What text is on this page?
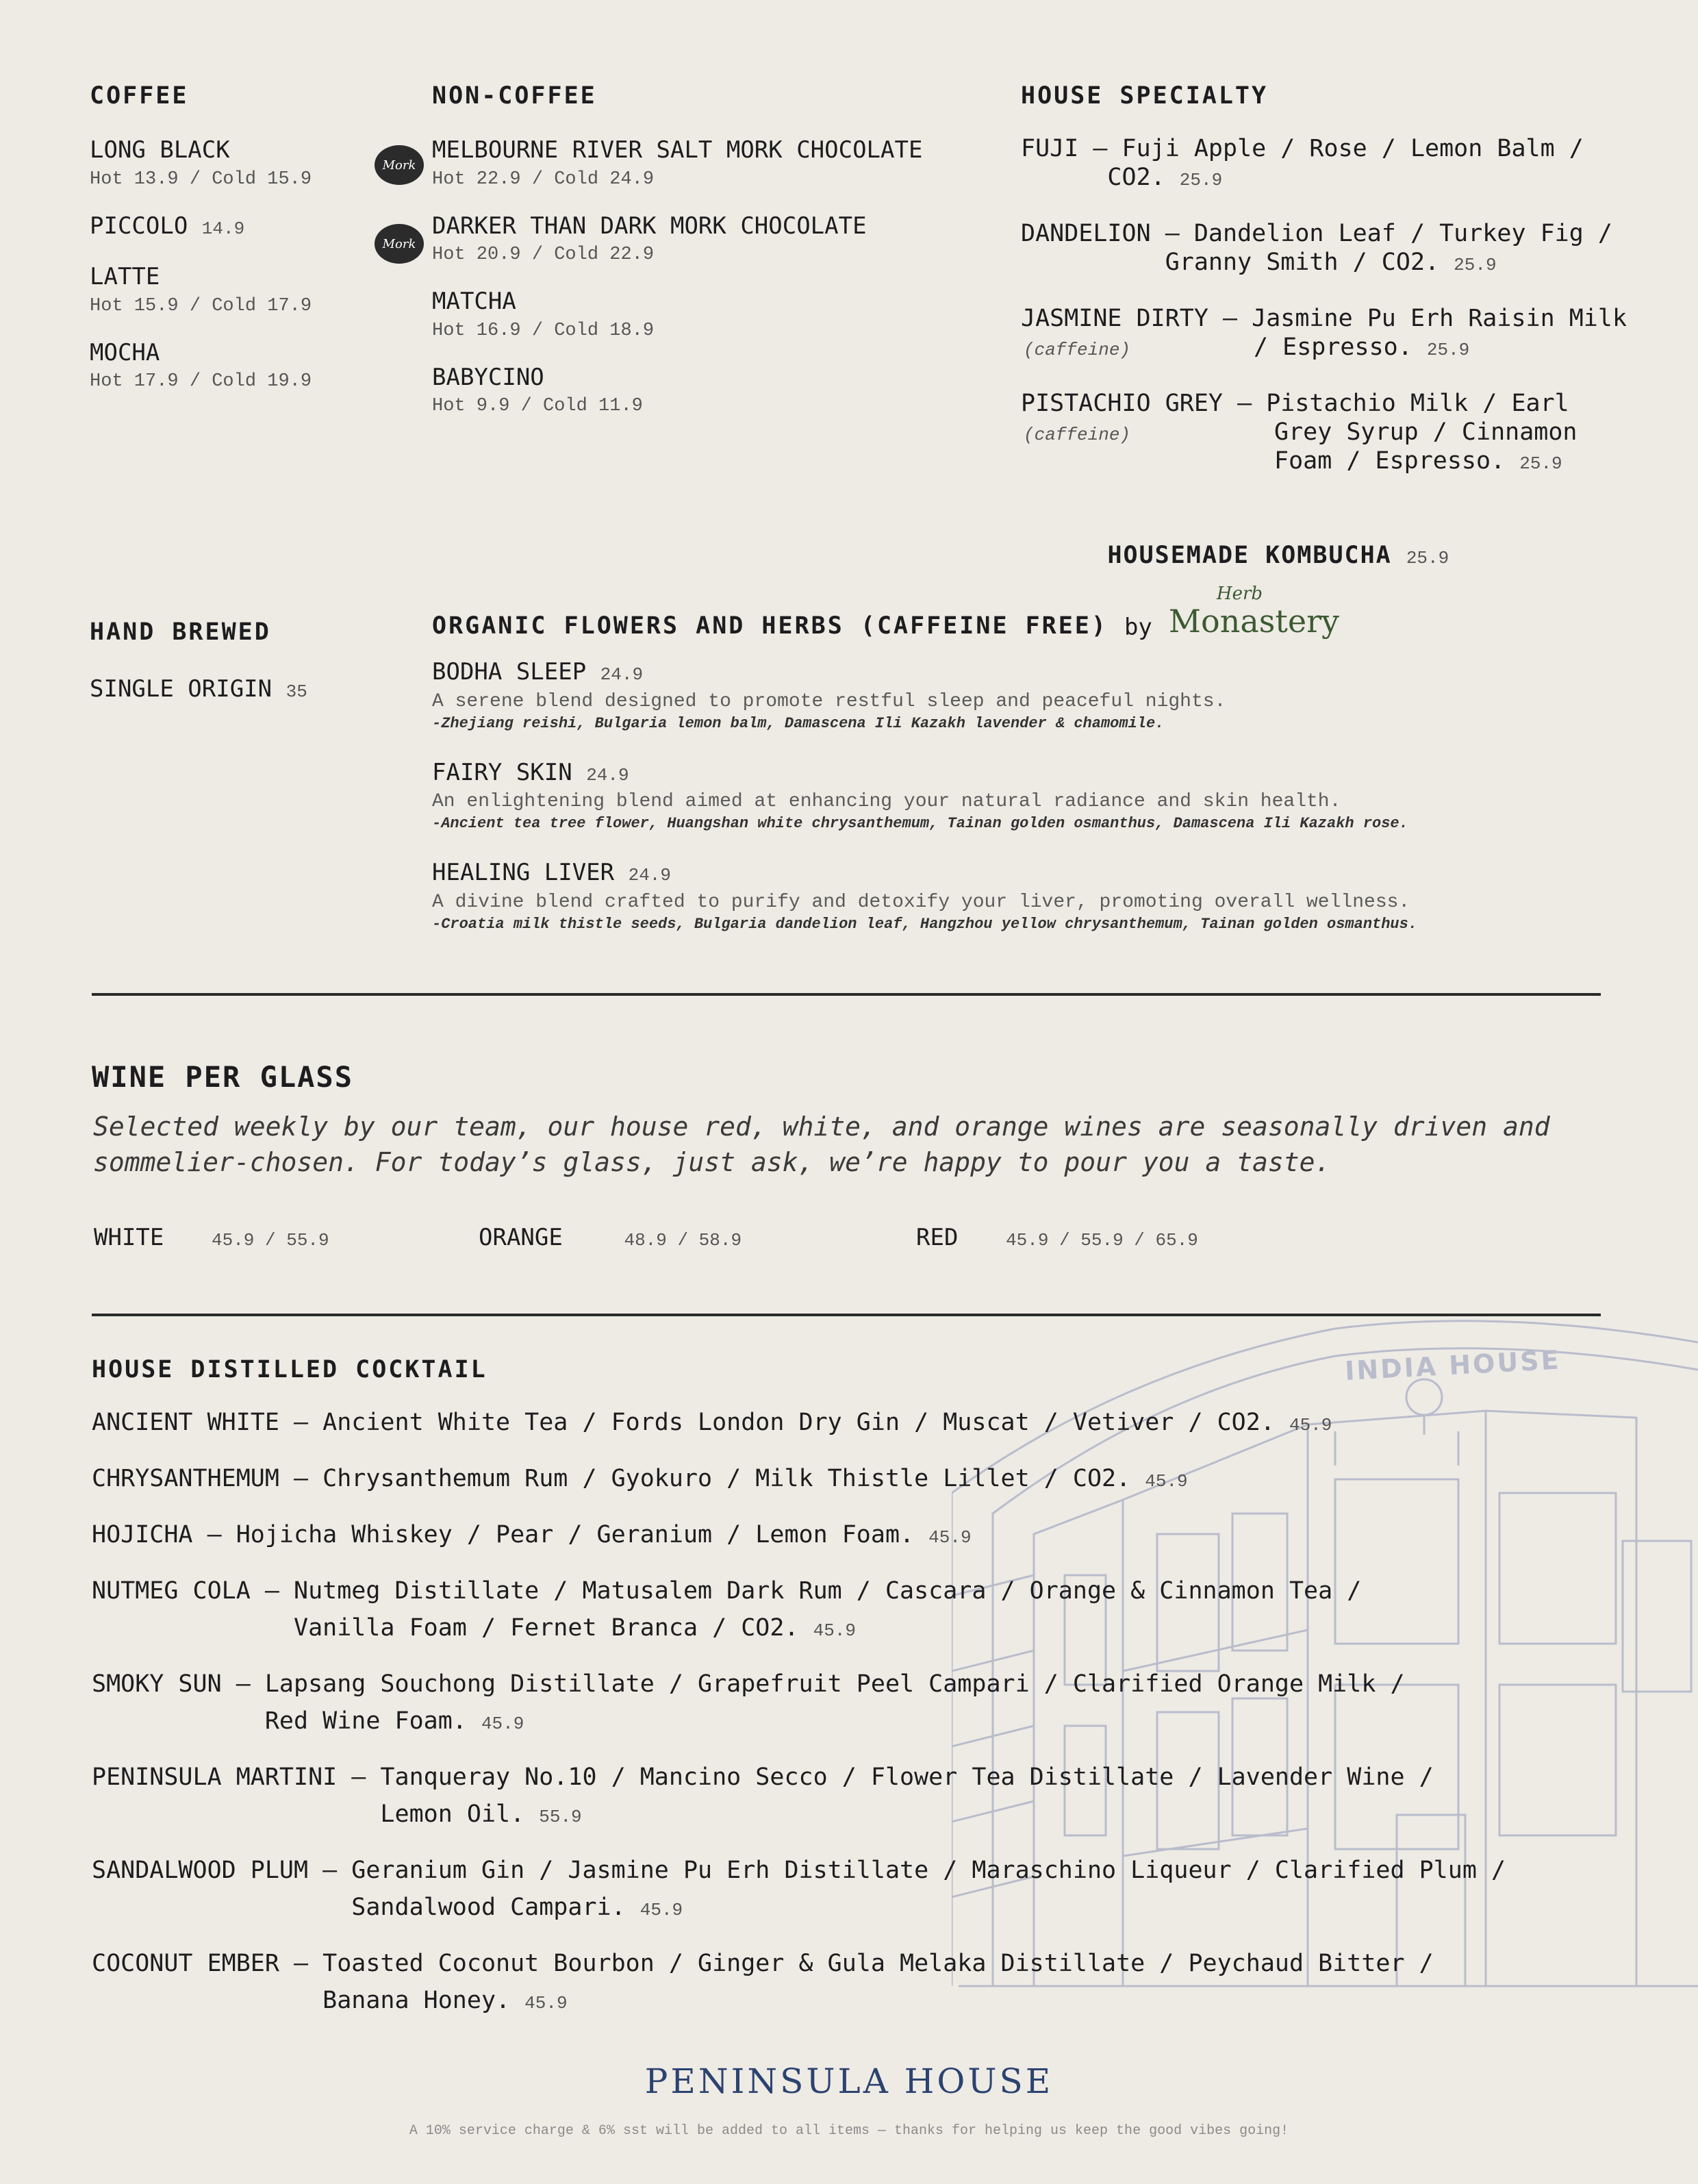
INDIA HOUSE

COFFEE

LONG BLACK

Hot 13.9 / Cold 15.9

PICCOLO 14.9

LATTE

Hot 15.9 / Cold 17.9

MOCHA

Hot 17.9 / Cold 19.9

Mork
Mork

NON-COFFEE

MELBOURNE RIVER SALT MORK CHOCOLATE

Hot 22.9 / Cold 24.9

DARKER THAN DARK MORK CHOCOLATE

Hot 20.9 / Cold 22.9

MATCHA

Hot 16.9 / Cold 18.9

BABYCINO

Hot 9.9 / Cold 11.9

HOUSE SPECIALTY

FUJI – Fuji Apple / Rose / Lemon Balm /

CO2. 25.9

DANDELION – Dandelion Leaf / Turkey Fig /

Granny Smith / CO2. 25.9

JASMINE DIRTY – Jasmine Pu Erh Raisin Milk

/ Espresso. 25.9

(caffeine)

PISTACHIO GREY – Pistachio Milk / Earl

Grey Syrup / Cinnamon

Foam / Espresso. 25.9

(caffeine)

HOUSEMADE KOMBUCHA 25.9

HAND BREWED

SINGLE ORIGIN 35

ORGANIC FLOWERS AND HERBS (CAFFEINE FREE) by
Herb
Monastery

BODHA SLEEP 24.9

A serene blend designed to promote restful sleep and peaceful nights.

-Zhejiang reishi, Bulgaria lemon balm, Damascena Ili Kazakh lavender & chamomile.

FAIRY SKIN 24.9

An enlightening blend aimed at enhancing your natural radiance and skin health.

-Ancient tea tree flower, Huangshan white chrysanthemum, Tainan golden osmanthus, Damascena Ili Kazakh rose.

HEALING LIVER 24.9

A divine blend crafted to purify and detoxify your liver, promoting overall wellness.

-Croatia milk thistle seeds, Bulgaria dandelion leaf, Hangzhou yellow chrysanthemum, Tainan golden osmanthus.

WINE PER GLASS

Selected weekly by our team, our house red, white, and orange wines are seasonally driven and
sommelier-chosen. For today’s glass, just ask, we’re happy to pour you a taste.

WHITE	45.9 / 55.9	ORANGE	48.9 / 58.9	RED	45.9 / 55.9 / 65.9

HOUSE DISTILLED COCKTAIL

ANCIENT WHITE – Ancient White Tea / Fords London Dry Gin / Muscat / Vetiver / CO2. 45.9

CHRYSANTHEMUM – Chrysanthemum Rum / Gyokuro / Milk Thistle Lillet / CO2. 45.9

HOJICHA – Hojicha Whiskey / Pear / Geranium / Lemon Foam. 45.9

NUTMEG COLA – Nutmeg Distillate / Matusalem Dark Rum / Cascara / Orange & Cinnamon Tea /

Vanilla Foam / Fernet Branca / CO2. 45.9

SMOKY SUN – Lapsang Souchong Distillate / Grapefruit Peel Campari / Clarified Orange Milk /

Red Wine Foam. 45.9

PENINSULA MARTINI – Tanqueray No.10 / Mancino Secco / Flower Tea Distillate / Lavender Wine /

Lemon Oil. 55.9

SANDALWOOD PLUM – Geranium Gin / Jasmine Pu Erh Distillate / Maraschino Liqueur / Clarified Plum /

Sandalwood Campari. 45.9

COCONUT EMBER – Toasted Coconut Bourbon / Ginger & Gula Melaka Distillate / Peychaud Bitter /

Banana Honey. 45.9

PENINSULA HOUSE
A 10% service charge & 6% sst will be added to all items — thanks for helping us keep the good vibes going!
